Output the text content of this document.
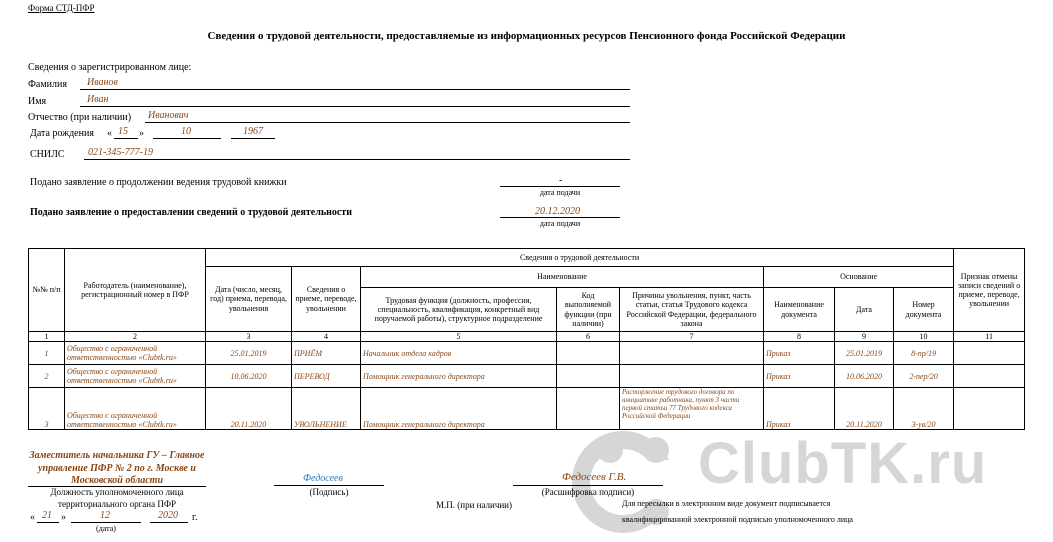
Форма СТД-ПФР
Сведения о трудовой деятельности, предоставляемые из информационных ресурсов Пенсионного фонда Российской Федерации
Сведения о зарегистрированном лице:
Фамилия Иванов
Имя	Иван
Отчество (при наличии) Иванович
Дата рождения « 15 »	10	1967
СНИЛС 021-345-777-19
Подано заявление о продолжении ведения трудовой книжки	-
дата подачи
Подано заявление о предоставлении сведений о трудовой деятельности	20.12.2020
дата подачи
№№ п/п	Работодатель (наименование), регистрационный номер в ПФР	Сведения о трудовой деятельности								Признак отмены записи сведений о приеме, переводе, увольнении
		Дата (число, месяц, год) приема, перевода, увольнения	Сведения о приеме, переводе, увольнении	Наименование			Основание			
				Трудовая функция (должность, профессия, специальность, квалификация, конкретный вид поручаемой работы), структурное подразделение	Код выполняемой функции (при наличии)	Причины увольнения, пункт, часть статьи, статья Трудового кодекса Российской Федерации, федерального закона	Наименование документа	Дата	Номер документа	
1	2	3	4	5	6	7	8	9	10	11
1	Общество с ограниченной ответственностью «Clubtk.ru»	25.01.2019	ПРИЁМ	Начальник отдела кадров			Приказ	25.01.2019	8-пр/19	
2	Общество с ограниченной ответственностью «Clubtk.ru»	10.06.2020	ПЕРЕВОД	Помощник генерального директора			Приказ	10.06.2020	2-пер/20	
3	Общество с ограниченной ответственностью «Clubtk.ru»	20.11.2020	УВОЛЬНЕНИЕ	Помощник генерального директора		Расторжение трудового договора по инициативе работника, пункт 3 части первой статьи 77 Трудового кодекса Российской Федерации	Приказ	20.11.2020	3-ув/20	
ClubTK.ru
Заместитель начальника ГУ – Главное управление ПФР № 2 по г. Москве и Московской области
Должность уполномоченного лица
территориального органа ПФР
Федосеев
(Подпись)
Федосеев Г.В.
(Расшифровка подписи)
М.П. (при наличии)	Для пересылки в электронном виде документ подписывается
квалифицированной электронной подписью уполномоченного лица
« 21 »	12	2020 г.
(дата)
